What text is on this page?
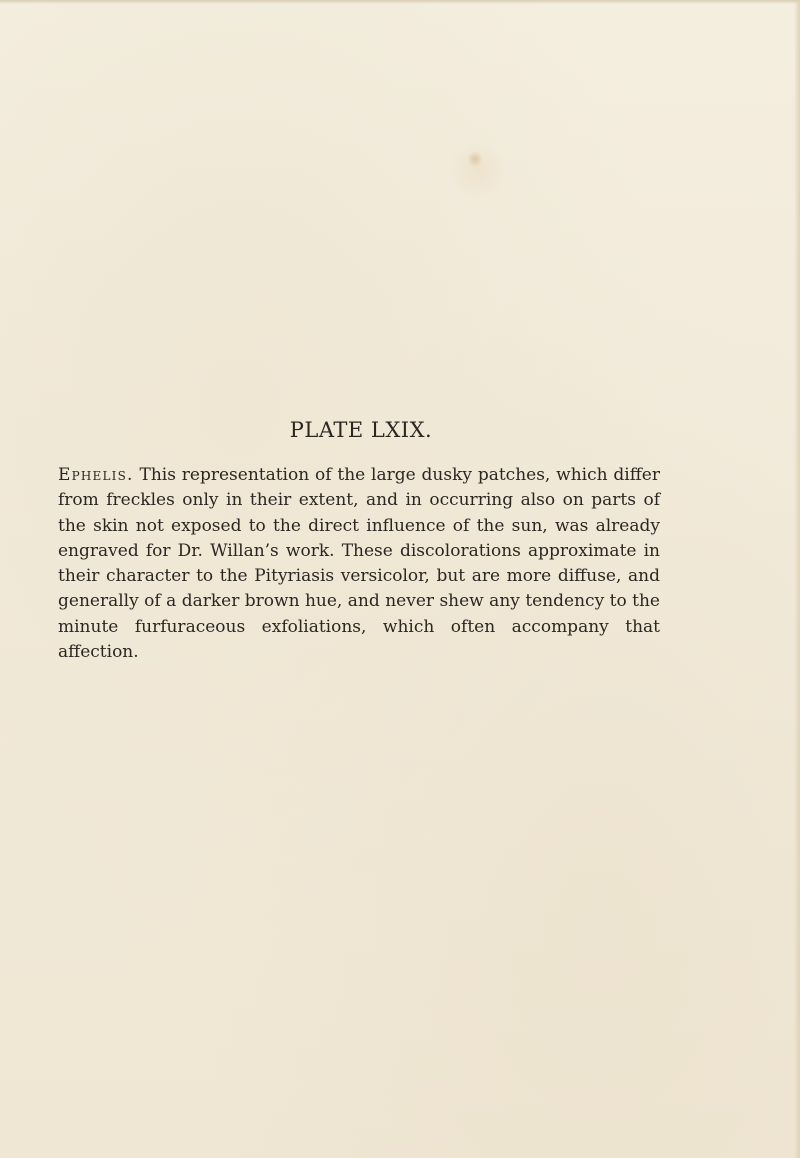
PLATE LXIX.

Ephelis. This representation of the large dusky patches, which differ from freckles only in their extent, and in occurring also on parts of the skin not exposed to the direct influence of the sun, was already engraved for Dr. Willan’s work. These discolorations approximate in their character to the Pityriasis versicolor, but are more diffuse, and generally of a darker brown hue, and never shew any tendency to the minute furfuraceous exfoliations, which often accompany that affection.
